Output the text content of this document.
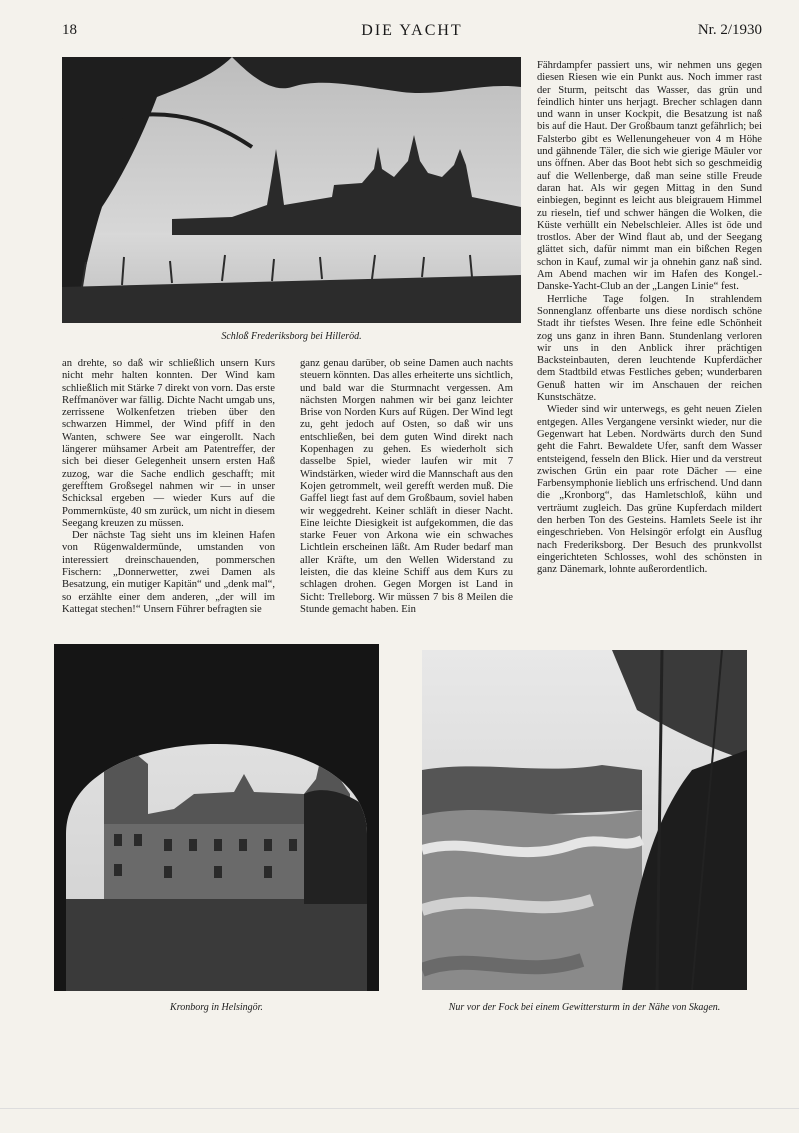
18	DIE YACHT	Nr. 2/1930
Schloß Frederiksborg bei Hilleröd.

Fährdampfer passiert uns, wir nehmen uns gegen diesen Riesen wie ein Punkt aus. Noch immer rast der Sturm, peitscht das Wasser, das grün und feindlich hinter uns herjagt. Brecher schlagen dann und wann in unser Kockpit, die Besatzung ist naß bis auf die Haut. Der Großbaum tanzt gefährlich; bei Falsterbo gibt es Wellenungeheuer von 4 m Höhe und gähnende Täler, die sich wie gierige Mäuler vor uns öffnen. Aber das Boot hebt sich so geschmeidig auf die Wellenberge, daß man seine stille Freude daran hat. Als wir gegen Mittag in den Sund einbiegen, beginnt es leicht aus bleigrauem Himmel zu rieseln, tief und schwer hängen die Wolken, die Küste verhüllt ein Nebelschleier. Alles ist öde und trostlos. Aber der Wind flaut ab, und der Seegang glättet sich, dafür nimmt man ein bißchen Regen schon in Kauf, zumal wir ja ohnehin ganz naß sind. Am Abend machen wir im Hafen des Kongel.-Danske-Yacht-Club an der „Langen Linie“ fest.

Herrliche Tage folgen. In strahlendem Sonnenglanz offenbarte uns diese nordisch schöne Stadt ihr tiefstes Wesen. Ihre feine edle Schönheit zog uns ganz in ihren Bann. Stundenlang verloren wir uns in den Anblick ihrer prächtigen Backsteinbauten, deren leuchtende Kupferdächer dem Stadtbild etwas Festliches geben; wunderbaren Genuß hatten wir im Anschauen der reichen Kunstschätze.

Wieder sind wir unterwegs, es geht neuen Zielen entgegen. Alles Vergangene versinkt wieder, nur die Gegenwart hat Leben. Nordwärts durch den Sund geht die Fahrt. Bewaldete Ufer, sanft dem Wasser entsteigend, fesseln den Blick. Hier und da verstreut zwischen Grün ein paar rote Dächer — eine Farbensymphonie lieblich uns erfrischend. Und dann die „Kronborg“, das Hamletschloß, kühn und verträumt zugleich. Das grüne Kupferdach mildert den herben Ton des Gesteins. Hamlets Seele ist ihr eingeschrieben. Von Helsingör erfolgt ein Ausflug nach Frederiksborg. Der Besuch des prunkvollst eingerichteten Schlosses, wohl des schönsten in ganz Dänemark, lohnte außerordentlich.

an drehte, so daß wir schließlich unsern Kurs nicht mehr halten konnten. Der Wind kam schließlich mit Stärke 7 direkt von vorn. Das erste Reffmanöver war fällig. Dichte Nacht umgab uns, zerrissene Wolkenfetzen trieben über den schwarzen Himmel, der Wind pfiff in den Wanten, schwere See war eingerollt. Nach längerer mühsamer Arbeit am Patentreffer, der sich bei dieser Gelegenheit unsern ersten Haß zuzog, war die Sache endlich geschafft; mit gerefftem Großsegel nahmen wir — in unser Schicksal ergeben — wieder Kurs auf die Pommernküste, 40 sm zurück, um nicht in diesem Seegang kreuzen zu müssen.

Der nächste Tag sieht uns im kleinen Hafen von Rügenwaldermünde, umstanden von interessiert dreinschauenden, pommerschen Fischern: „Donnerwetter, zwei Damen als Besatzung, ein mutiger Kapitän“ und „denk mal“, so erzählte einer dem anderen, „der will im Kattegat stechen!“ Unsern Führer befragten sie

ganz genau darüber, ob seine Damen auch nachts steuern könnten. Das alles erheiterte uns sichtlich, und bald war die Sturmnacht vergessen. Am nächsten Morgen nahmen wir bei ganz leichter Brise von Norden Kurs auf Rügen. Der Wind legt zu, geht jedoch auf Osten, so daß wir uns entschließen, bei dem guten Wind direkt nach Kopenhagen zu gehen. Es wiederholt sich dasselbe Spiel, wieder laufen wir mit 7 Windstärken, wieder wird die Mannschaft aus den Kojen getrommelt, weil gerefft werden muß. Die Gaffel liegt fast auf dem Großbaum, soviel haben wir weggedreht. Keiner schläft in dieser Nacht. Eine leichte Diesigkeit ist aufgekommen, die das starke Feuer von Arkona wie ein schwaches Lichtlein erscheinen läßt. Am Ruder bedarf man aller Kräfte, um den Wellen Widerstand zu leisten, die das kleine Schiff aus dem Kurs zu schlagen drohen. Gegen Morgen ist Land in Sicht: Trelleborg. Wir müssen 7 bis 8 Meilen die Stunde gemacht haben. Ein

Kronborg in Helsingör.	Nur vor der Fock bei einem Gewittersturm in der Nähe von Skagen.
